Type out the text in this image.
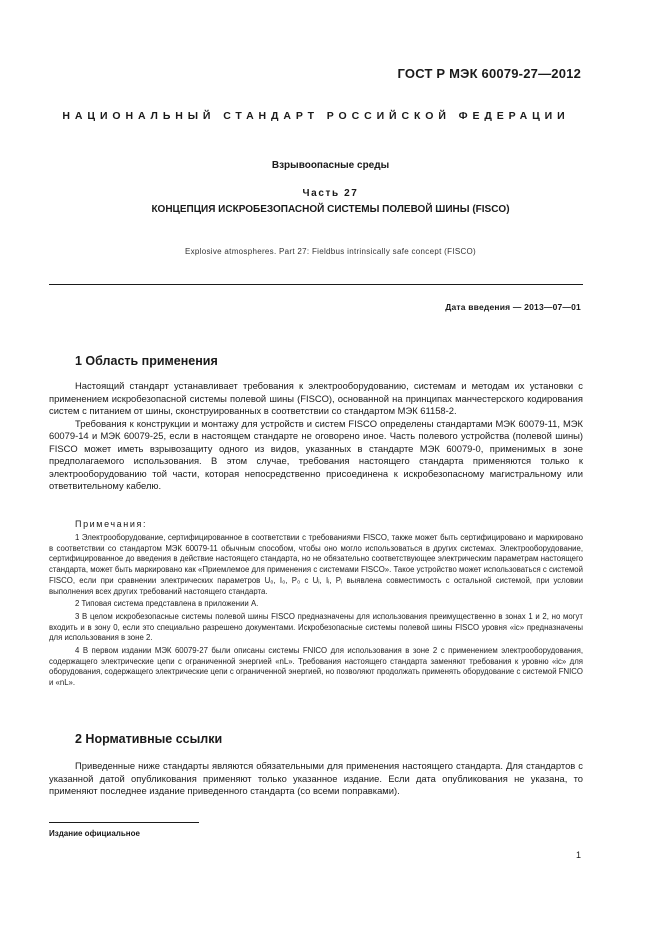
ГОСТ Р МЭК 60079-27—2012
НАЦИОНАЛЬНЫЙ СТАНДАРТ РОССИЙСКОЙ ФЕДЕРАЦИИ
Взрывоопасные среды
Часть 27
КОНЦЕПЦИЯ ИСКРОБЕЗОПАСНОЙ СИСТЕМЫ ПОЛЕВОЙ ШИНЫ (FISCO)
Explosive atmospheres. Part 27: Fieldbus intrinsically safe concept (FISCO)
Дата введения — 2013—07—01
1 Область применения

Настоящий стандарт устанавливает требования к электрооборудованию, системам и методам их установки с применением искробезопасной системы полевой шины (FISCO), основанной на принципах манчестерского кодирования систем с питанием от шины, сконструированных в соответствии со стандартом МЭК 61158-2.

Требования к конструкции и монтажу для устройств и систем FISCO определены стандартами МЭК 60079-11, МЭК 60079-14 и МЭК 60079-25, если в настоящем стандарте не оговорено иное. Часть полевого устройства (полевой шины) FISCO может иметь взрывозащиту одного из видов, указанных в стандарте МЭК 60079-0, применимых в зоне предполагаемого использования. В этом случае, требования настоящего стандарта применяются только к электрооборудованию той части, которая непосредственно присоединена к искробезопасному магистральному или ответвительному кабелю.

Примечания:

1 Электрооборудование, сертифицированное в соответствии с требованиями FISCO, также может быть сертифицировано и маркировано в соответствии со стандартом МЭК 60079-11 обычным способом, чтобы оно могло использоваться в других системах. Электрооборудование, сертифицированное до введения в действие настоящего стандарта, но не обязательно соответствующее электрическим параметрам настоящего стандарта, может быть маркировано как «Приемлемое для применения с системами FISCO». Такое устройство может использоваться с системой FISCO, если при сравнении электрических параметров U₀, I₀, P₀ с Uᵢ, Iᵢ, Pᵢ выявлена совместимость с остальной системой, при условии выполнения всех других требований настоящего стандарта.

2 Типовая система представлена в приложении А.

3 В целом искробезопасные системы полевой шины FISCO предназначены для использования преимущественно в зонах 1 и 2, но могут входить и в зону 0, если это специально разрешено документами. Искробезопасные системы полевой шины FISCO уровня «ic» предназначены для использования в зоне 2.

4 В первом издании МЭК 60079-27 были описаны системы FNICO для использования в зоне 2 с применением электрооборудования, содержащего электрические цепи с ограниченной энергией «nL». Требования настоящего стандарта заменяют требования к уровню «ic» для оборудования, содержащего электрические цепи с ограниченной энергией, но позволяют продолжать применять оборудование с системой FNICO и «nL».

2 Нормативные ссылки

Приведенные ниже стандарты являются обязательными для применения настоящего стандарта. Для стандартов с указанной датой опубликования применяют только указанное издание. Если дата опубликования не указана, то применяют последнее издание приведенного стандарта (со всеми поправками).

Издание официальное
1
